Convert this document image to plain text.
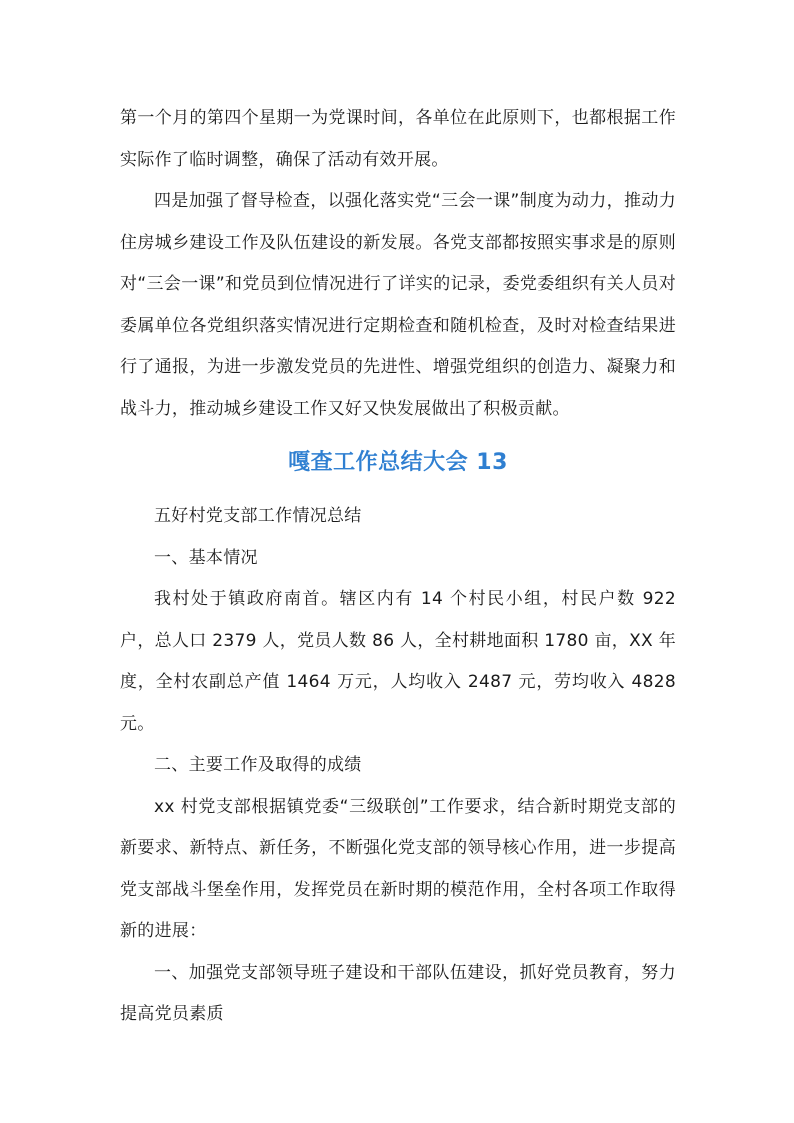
第一个月的第四个星期一为党课时间，各单位在此原则下，也都根据工作实际作了临时调整，确保了活动有效开展。

四是加强了督导检查，以强化落实党“三会一课”制度为动力，推动力住房城乡建设工作及队伍建设的新发展。各党支部都按照实事求是的原则对“三会一课”和党员到位情况进行了详实的记录，委党委组织有关人员对委属单位各党组织落实情况进行定期检查和随机检查，及时对检查结果进行了通报，为进一步激发党员的先进性、增强党组织的创造力、凝聚力和战斗力，推动城乡建设工作又好又快发展做出了积极贡献。

嘎查工作总结大会 13

五好村党支部工作情况总结

一、基本情况

我村处于镇政府南首。辖区内有 14 个村民小组，村民户数 922 户，总人口 2379 人，党员人数 86 人，全村耕地面积 1780 亩，XX 年度，全村农副总产值 1464 万元，人均收入 2487 元，劳均收入 4828 元。

二、主要工作及取得的成绩

xx 村党支部根据镇党委“三级联创”工作要求，结合新时期党支部的新要求、新特点、新任务，不断强化党支部的领导核心作用，进一步提高党支部战斗堡垒作用，发挥党员在新时期的模范作用，全村各项工作取得新的进展：

一、加强党支部领导班子建设和干部队伍建设，抓好党员教育，努力提高党员素质
